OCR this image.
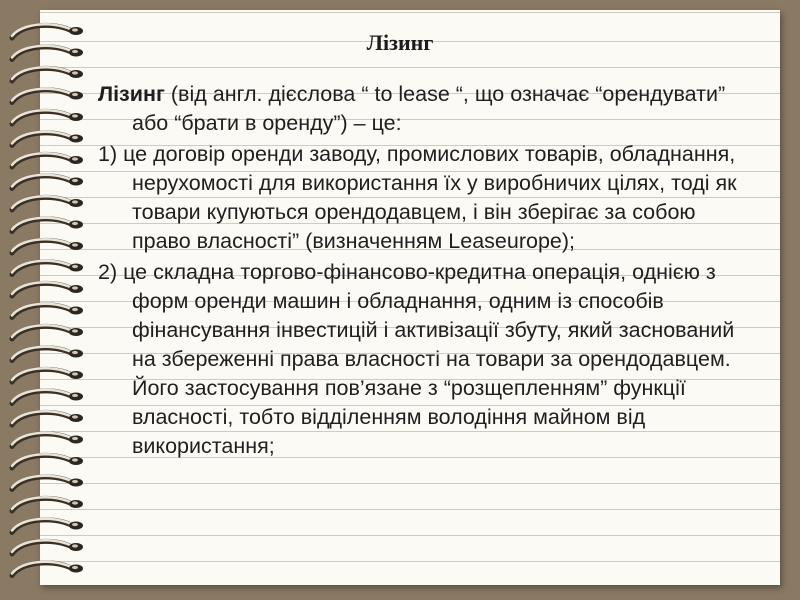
Лізинг

Лізинг (від англ. дієслова “ to lease “, що означає “орендувати” або “брати в оренду”) – це:

1) це договір оренди заводу, промислових товарів, обладнання, нерухомості для використання їх у виробничих цілях, тоді як товари купуються орендодавцем, і він зберігає за собою право власності” (визначенням Leaseurope);

2) це складна торгово-фінансово-кредитна операція, однією з форм оренди машин і обладнання, одним із способів фінансування інвестицій і активізації збуту, який заснований на збереженні права власності на товари за орендодавцем. Його застосування пов’язане з “розщепленням” функції власності, тобто відділенням володіння майном від використання;
